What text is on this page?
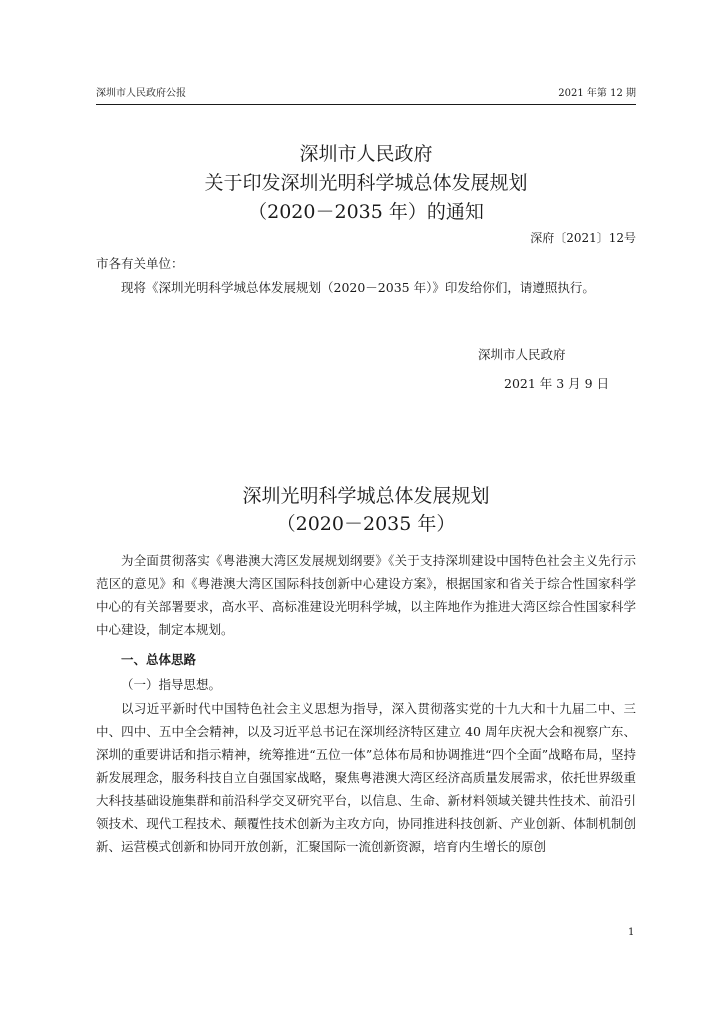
深圳市人民政府公报	2021 年第 12 期
深圳市人民政府
关于印发深圳光明科学城总体发展规划
（2020－2035 年）的通知
深府〔2021〕12号

市各有关单位：

现将《深圳光明科学城总体发展规划（2020－2035 年）》印发给你们，请遵照执行。

深圳市人民政府
2021 年 3 月 9 日
深圳光明科学城总体发展规划
（2020－2035 年）

为全面贯彻落实《粤港澳大湾区发展规划纲要》《关于支持深圳建设中国特色社会主义先行示范区的意见》和《粤港澳大湾区国际科技创新中心建设方案》，根据国家和省关于综合性国家科学中心的有关部署要求，高水平、高标准建设光明科学城，以主阵地作为推进大湾区综合性国家科学中心建设，制定本规划。

一、总体思路
（一）指导思想。

以习近平新时代中国特色社会主义思想为指导，深入贯彻落实党的十九大和十九届二中、三中、四中、五中全会精神，以及习近平总书记在深圳经济特区建立 40 周年庆祝大会和视察广东、深圳的重要讲话和指示精神，统筹推进“五位一体”总体布局和协调推进“四个全面”战略布局，坚持新发展理念，服务科技自立自强国家战略，聚焦粤港澳大湾区经济高质量发展需求，依托世界级重大科技基础设施集群和前沿科学交叉研究平台，以信息、生命、新材料领域关键共性技术、前沿引领技术、现代工程技术、颠覆性技术创新为主攻方向，协同推进科技创新、产业创新、体制机制创新、运营模式创新和协同开放创新，汇聚国际一流创新资源，培育内生增长的原创

1
